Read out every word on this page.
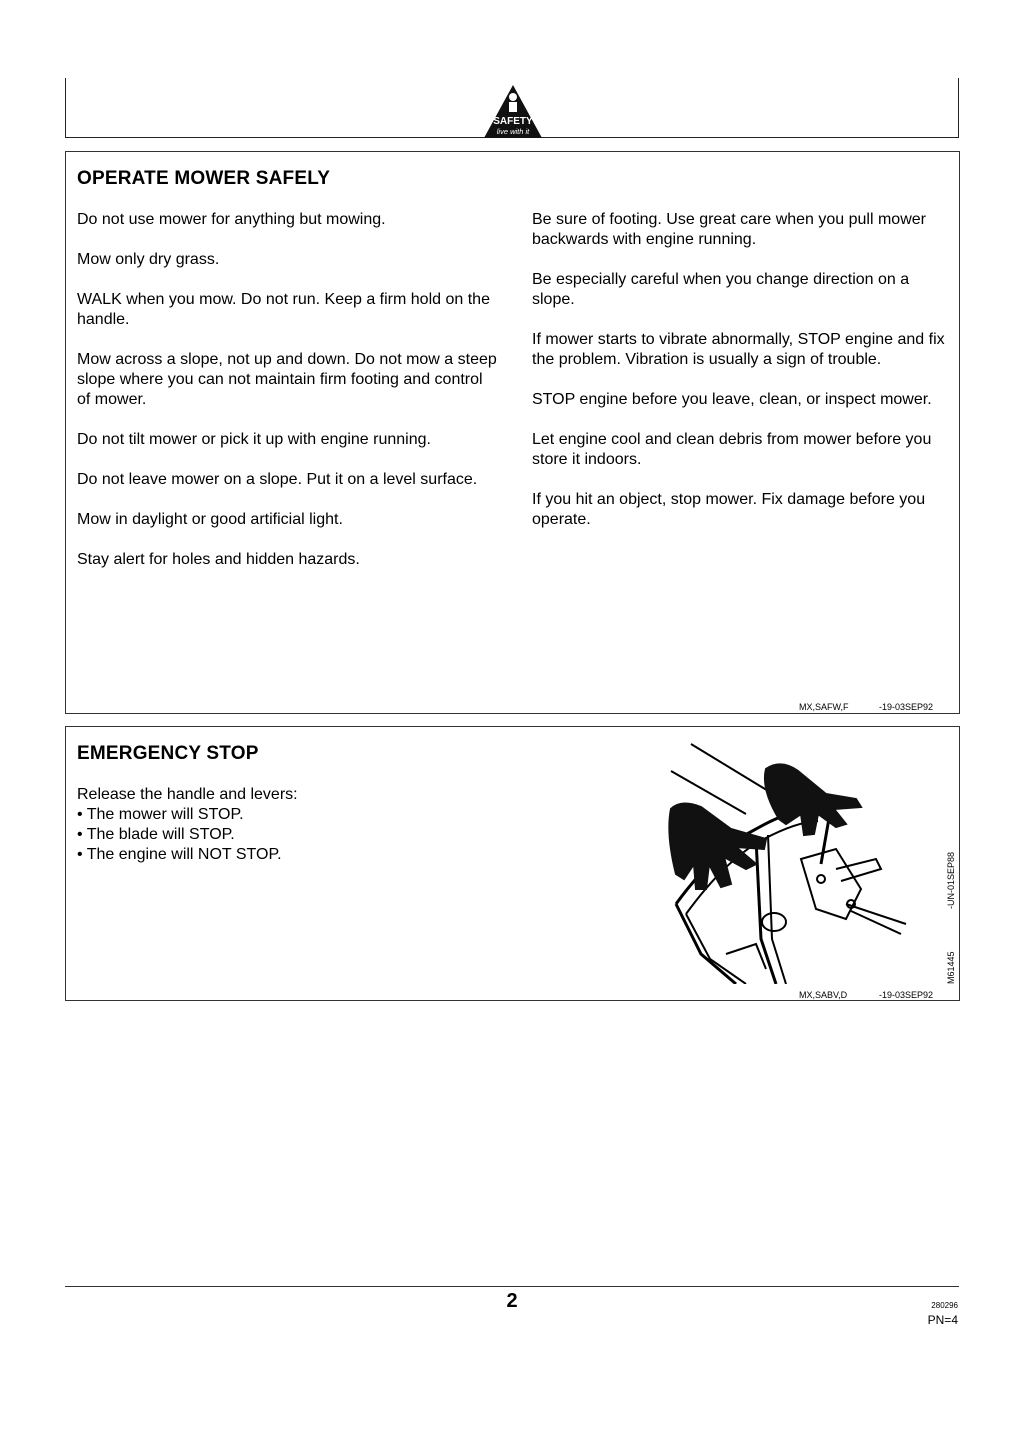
SAFETY
live with it
OPERATE MOWER SAFELY

Do not use mower for anything but mowing.

Mow only dry grass.

WALK when you mow. Do not run. Keep a firm hold on the handle.

Mow across a slope, not up and down. Do not mow a steep slope where you can not maintain firm footing and control of mower.

Do not tilt mower or pick it up with engine running.

Do not leave mower on a slope. Put it on a level surface.

Mow in daylight or good artificial light.

Stay alert for holes and hidden hazards.

Be sure of footing. Use great care when you pull mower backwards with engine running.

Be especially careful when you change direction on a slope.

If mower starts to vibrate abnormally, STOP engine and fix the problem. Vibration is usually a sign of trouble.

STOP engine before you leave, clean, or inspect mower.

Let engine cool and clean debris from mower before you store it indoors.

If you hit an object, stop mower. Fix damage before you operate.

MX,SAFW,F	-19-03SEP92
EMERGENCY STOP
Release the handle and levers:
• The mower will STOP.
• The blade will STOP.
• The engine will NOT STOP.	-UN-01SEP88
M61445
MX,SABV,D	-19-03SEP92
2	280296
PN=4
